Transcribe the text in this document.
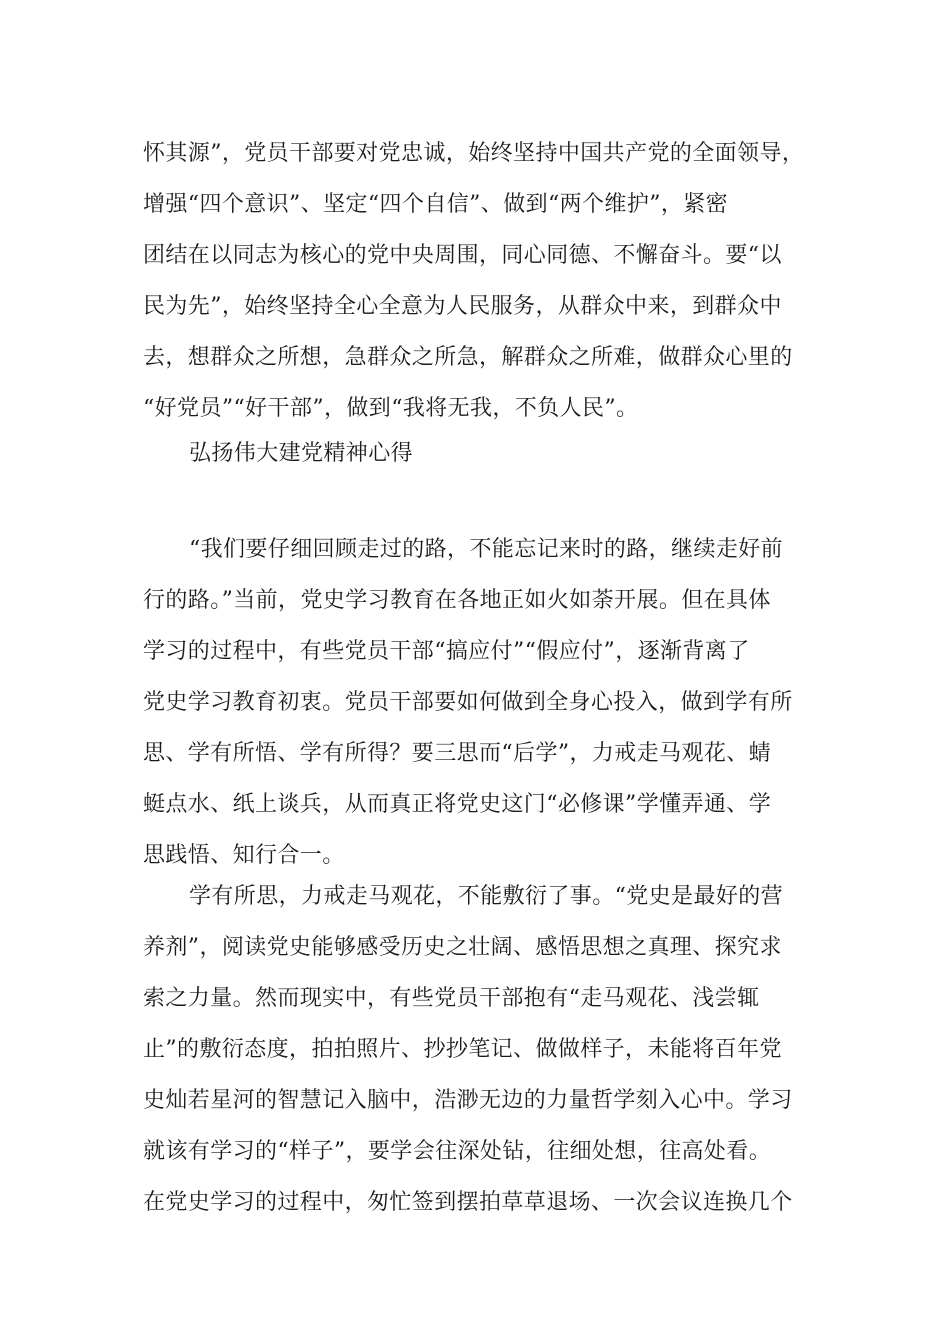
怀其源”，党员干部要对党忠诚，始终坚持中国共产党的全面领导，
增强“四个意识”、坚定“四个自信”、做到“两个维护”，紧密
团结在以同志为核心的党中央周围，同心同德、不懈奋斗。要“以
民为先”，始终坚持全心全意为人民服务，从群众中来，到群众中
去，想群众之所想，急群众之所急，解群众之所难，做群众心里的
“好党员”“好干部”，做到“我将无我，不负人民”。
弘扬伟大建党精神心得
“我们要仔细回顾走过的路，不能忘记来时的路，继续走好前
行的路。”当前，党史学习教育在各地正如火如荼开展。但在具体
学习的过程中，有些党员干部“搞应付”“假应付”，逐渐背离了
党史学习教育初衷。党员干部要如何做到全身心投入，做到学有所
思、学有所悟、学有所得？要三思而“后学”，力戒走马观花、蜻
蜓点水、纸上谈兵，从而真正将党史这门“必修课”学懂弄通、学
思践悟、知行合一。
学有所思，力戒走马观花，不能敷衍了事。“党史是最好的营
养剂”，阅读党史能够感受历史之壮阔、感悟思想之真理、探究求
索之力量。然而现实中，有些党员干部抱有“走马观花、浅尝辄
止”的敷衍态度，拍拍照片、抄抄笔记、做做样子，未能将百年党
史灿若星河的智慧记入脑中，浩渺无边的力量哲学刻入心中。学习
就该有学习的“样子”，要学会往深处钻，往细处想，往高处看。
在党史学习的过程中，匆忙签到摆拍草草退场、一次会议连换几个
